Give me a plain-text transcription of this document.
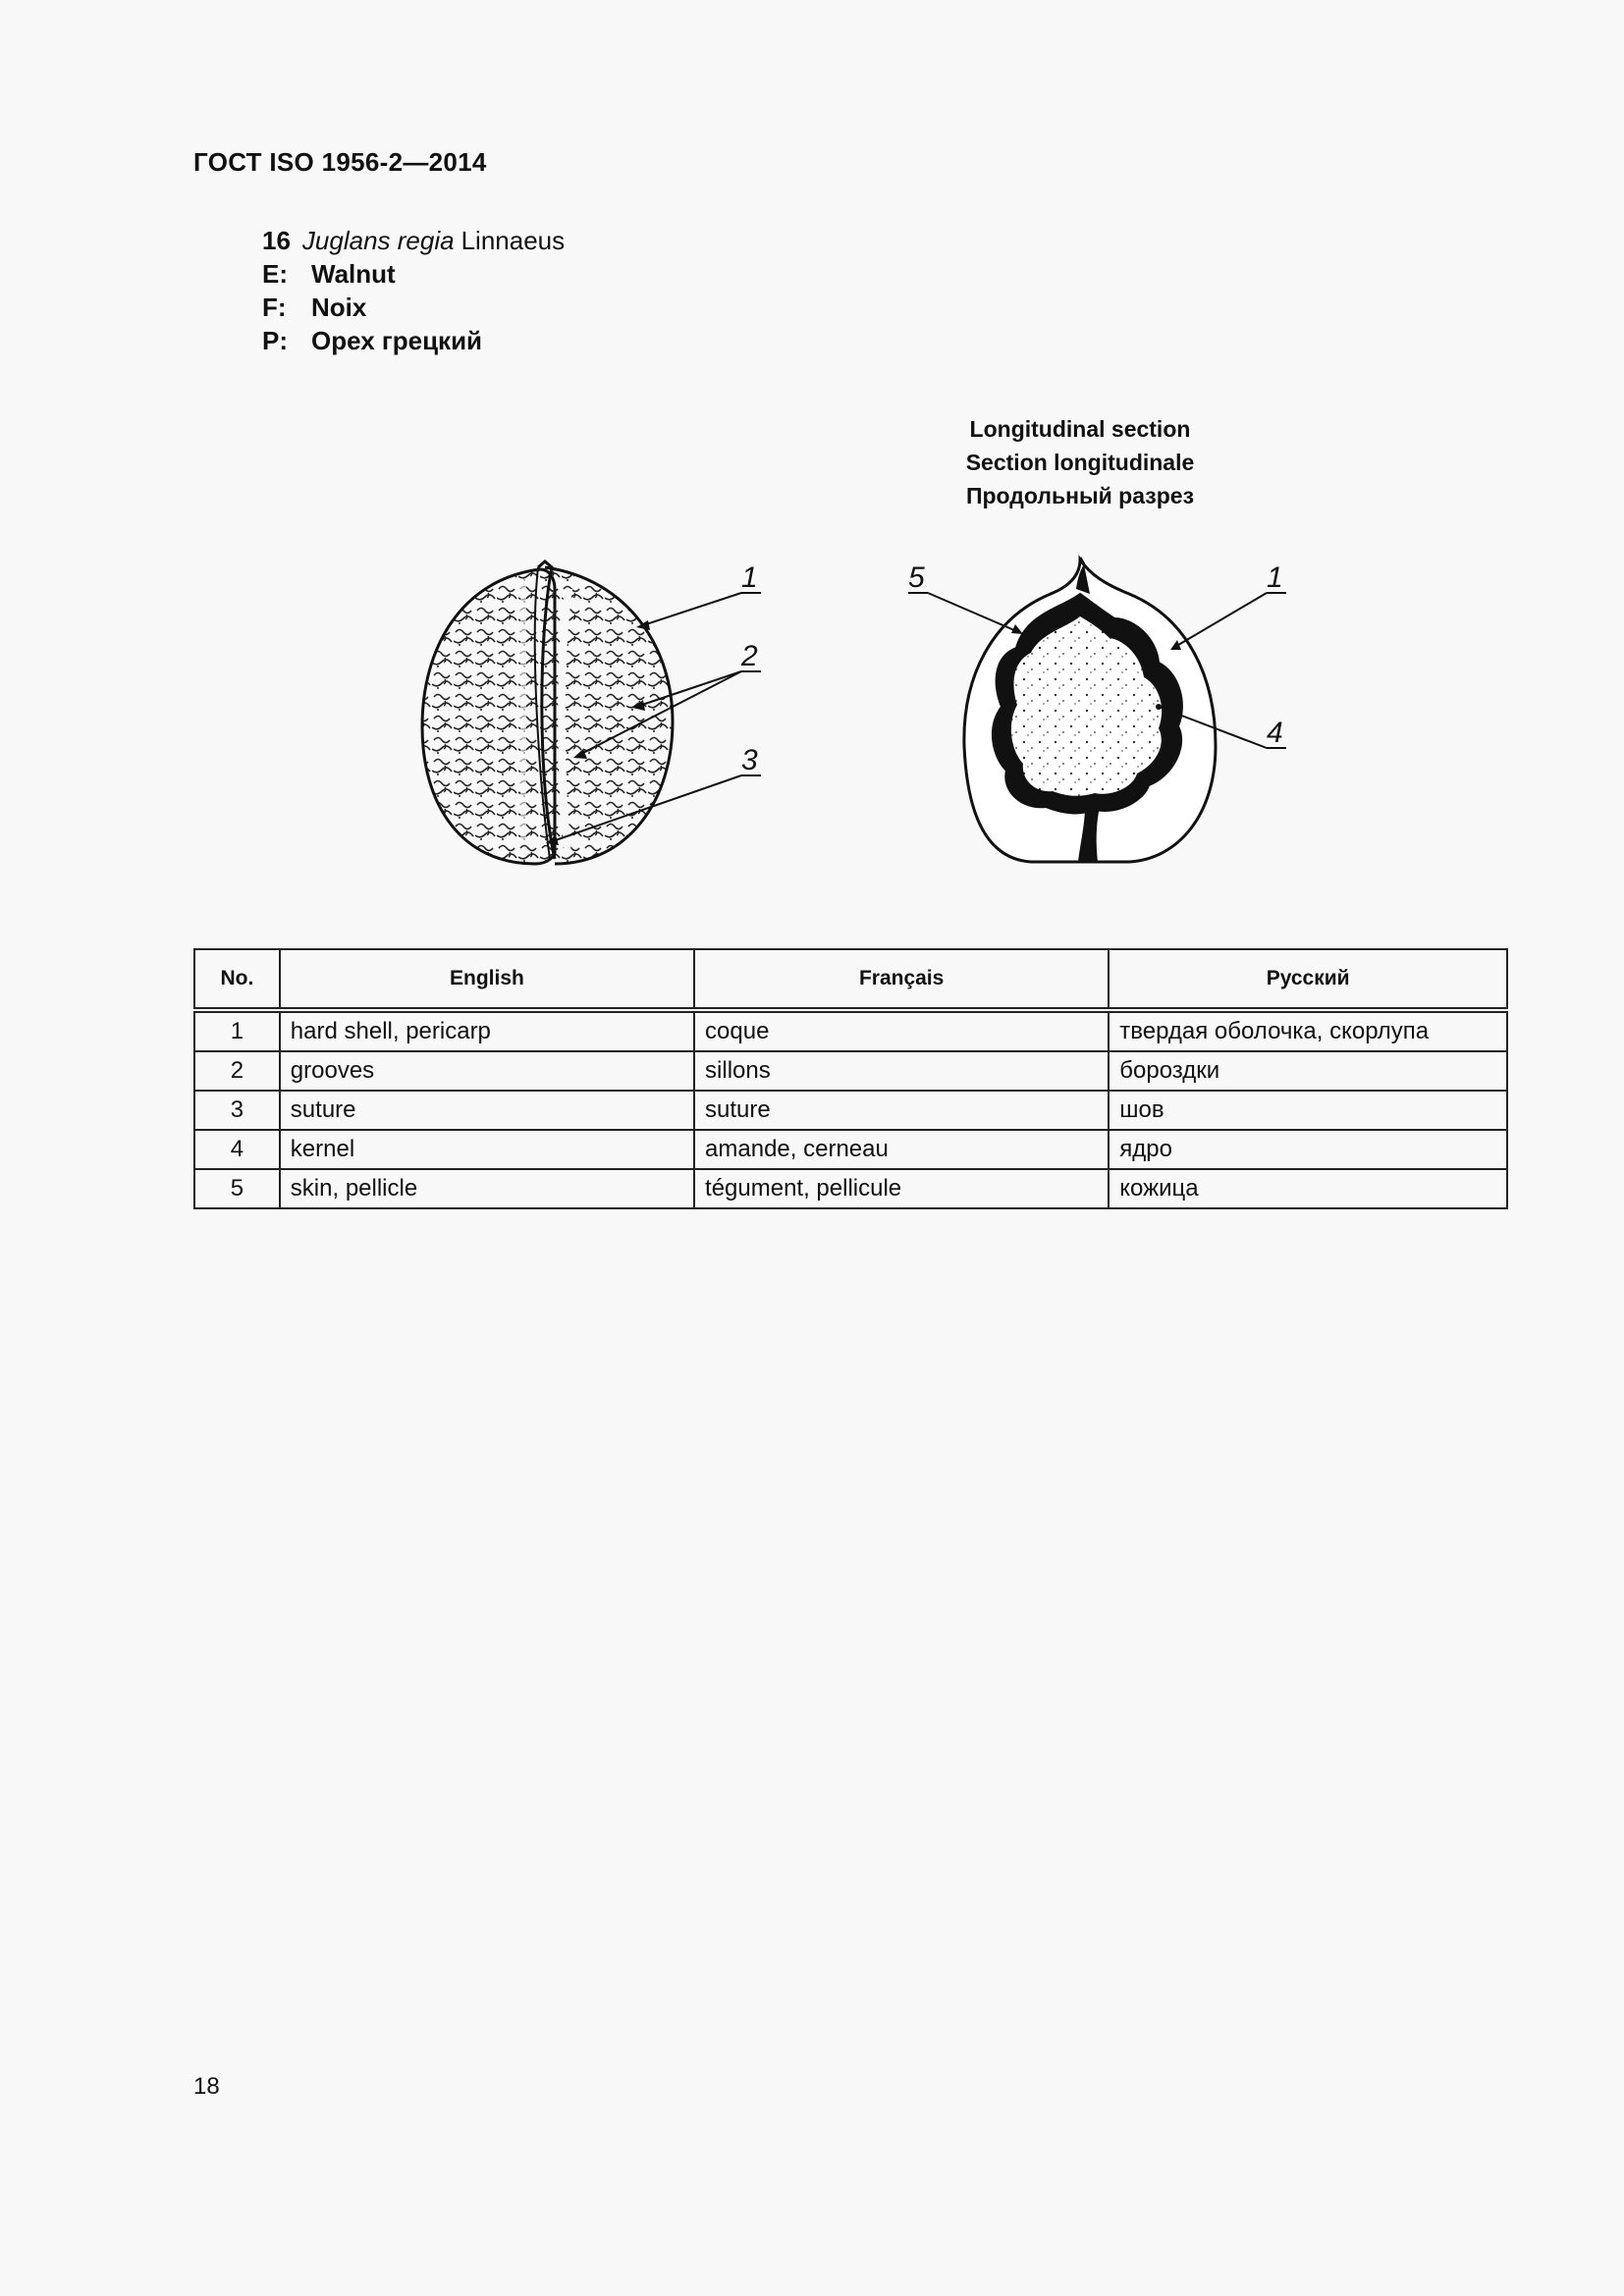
ГОСТ ISO 1956-2—2014
16 Juglans regia Linnaeus
E: Walnut
F: Noix
P: Орех грецкий
Longitudinal section
Section longitudinale
Продольный разрез
1
2
3
5	1
4
No.	English	Français	Русский
1	hard shell, pericarp	coque	твердая оболочка, скорлупа
2	grooves	sillons	бороздки
3	suture	suture	шов
4	kernel	amande, cerneau	ядро
5	skin, pellicle	tégument, pellicule	кожица
18
